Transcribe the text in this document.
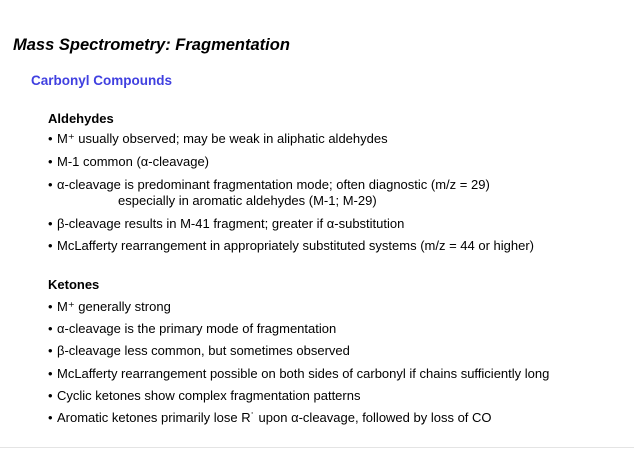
Mass Spectrometry: Fragmentation
Carbonyl Compounds
Aldehydes
• M⁺ usually observed; may be weak in aliphatic aldehydes
• M-1 common (α-cleavage)
• α-cleavage is predominant fragmentation mode; often diagnostic (m/z = 29)
especially in aromatic aldehydes (M-1; M-29)
• β-cleavage results in M-41 fragment; greater if α-substitution
• McLafferty rearrangement in appropriately substituted systems (m/z = 44 or higher)
Ketones
• M⁺ generally strong
• α-cleavage is the primary mode of fragmentation
• β-cleavage less common, but sometimes observed
• McLafferty rearrangement possible on both sides of carbonyl if chains sufficiently long
• Cyclic ketones show complex fragmentation patterns
• Aromatic ketones primarily lose R˙ upon α-cleavage, followed by loss of CO
